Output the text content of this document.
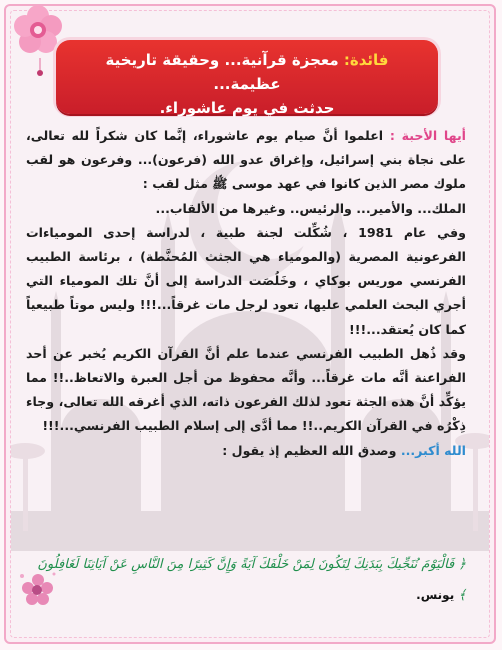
فائدة: معجزة قرآنية... وحقيقة تاريخية عظيمة...
حدثت في يوم عاشوراء.

أيها الأحبة : اعلموا أنَّ صيام يوم عاشوراء، إنَّما كان شكراً لله تعالى، على نجاة بني إسرائيل، وإغراق عدو الله (فرعون)... وفرعون هو لقب ملوك مصر الذين كانوا في عهد موسى ﷺ مثل لقب :

الملك... والأمير... والرئيس.. وغيرها من الألقاب...

وفي عام 1981 ، شُكِّلت لجنة طبية ، لدراسة إحدى المومياءات الفرعونية المصرية (والمومياء هي الجثث المُحنَّطة) ، برئاسة الطبيب الفرنسي موريس بوكاي ، وخَلُصَت الدراسة إلى أنَّ تلك المومياء التي أجري البحث العلمي عليها، تعود لرجل مات غرقاً...!!! وليس موتاً طبيعياً كما كان يُعتقد...!!!

وقد ذُهل الطبيب الفرنسي عندما علم أنَّ القرآن الكريم يُخبر عن أحد الفراعنة أنَّه مات غرقاً... وأنَّه محفوظ من أجل العبرة والاتعاظ..!! مما يؤكِّد أنَّ هذه الجثة تعود لذلك الفرعون ذاته، الذي أغرقه الله تعالى، وجاء ذِكْرُه في القرآن الكريم..!! مما أدَّى إلى إسلام الطبيب الفرنسي...!!!

الله أكبر... وصدق الله العظيم إذ يقول :

﴿ فَالْيَوْمَ نُنَجِّيكَ بِبَدَنِكَ لِتَكُونَ لِمَنْ خَلْفَكَ آيَةً وَإِنَّ كَثِيرًا مِنَ النَّاسِ عَنْ آيَاتِنَا لَغَافِلُونَ ﴾ يونس.
